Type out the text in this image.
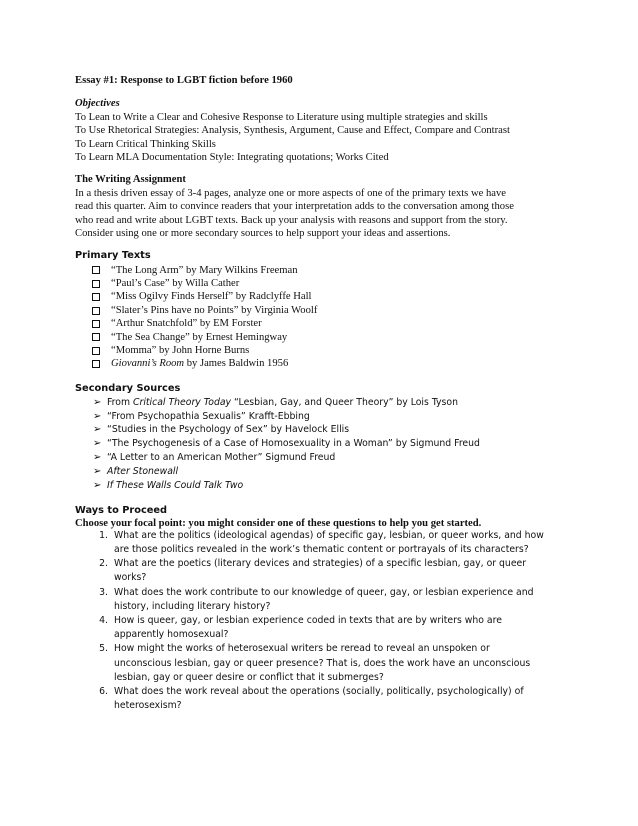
Essay #1: Response to LGBT fiction before 1960
Objectives
To Lean to Write a Clear and Cohesive Response to Literature using multiple strategies and skills
To Use Rhetorical Strategies: Analysis, Synthesis, Argument, Cause and Effect, Compare and Contrast
To Learn Critical Thinking Skills
To Learn MLA Documentation Style: Integrating quotations; Works Cited
The Writing Assignment
In a thesis driven essay of 3-4 pages, analyze one or more aspects of one of the primary texts we have
read this quarter. Aim to convince readers that your interpretation adds to the conversation among those
who read and write about LGBT texts. Back up your analysis with reasons and support from the story.
Consider using one or more secondary sources to help support your ideas and assertions.
Primary Texts
“The Long Arm” by Mary Wilkins Freeman
“Paul’s Case” by Willa Cather
“Miss Ogilvy Finds Herself” by Radclyffe Hall
“Slater’s Pins have no Points” by Virginia Woolf
“Arthur Snatchfold” by EM Forster
“The Sea Change” by Ernest Hemingway
“Momma” by John Horne Burns
Giovanni’s Room by James Baldwin 1956
Secondary Sources
➢ From Critical Theory Today “Lesbian, Gay, and Queer Theory” by Lois Tyson
➢ “From Psychopathia Sexualis” Krafft-Ebbing
➢ “Studies in the Psychology of Sex” by Havelock Ellis
➢ “The Psychogenesis of a Case of Homosexuality in a Woman” by Sigmund Freud
➢ “A Letter to an American Mother” Sigmund Freud
➢ After Stonewall
➢ If These Walls Could Talk Two
Ways to Proceed
Choose your focal point: you might consider one of these questions to help you get started.
1. What are the politics (ideological agendas) of specific gay, lesbian, or queer works, and how
are those politics revealed in the work’s thematic content or portrayals of its characters?
2. What are the poetics (literary devices and strategies) of a specific lesbian, gay, or queer
works?
3. What does the work contribute to our knowledge of queer, gay, or lesbian experience and
history, including literary history?
4. How is queer, gay, or lesbian experience coded in texts that are by writers who are
apparently homosexual?
5. How might the works of heterosexual writers be reread to reveal an unspoken or
unconscious lesbian, gay or queer presence? That is, does the work have an unconscious
lesbian, gay or queer desire or conflict that it submerges?
6. What does the work reveal about the operations (socially, politically, psychologically) of
heterosexism?
